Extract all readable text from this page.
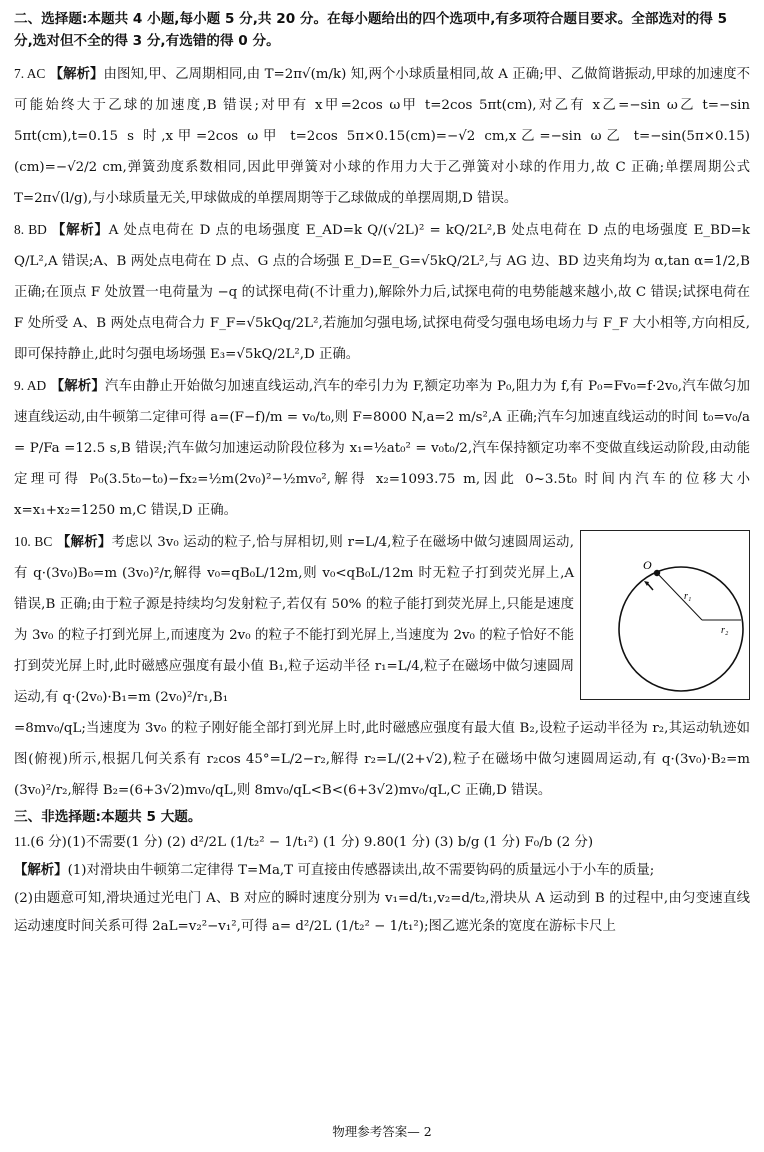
二、选择题:本题共 4 小题,每小题 5 分,共 20 分。在每小题给出的四个选项中,有多项符合题目要求。全部选对的得 5 分,选对但不全的得 3 分,有选错的得 0 分。

7. AC 【解析】由图知,甲、乙周期相同,由 T=2π√(m/k) 知,两个小球质量相同,故 A 正确;甲、乙做简谐振动,甲球的加速度不可能始终大于乙球的加速度,B 错误;对甲有 x甲=2cos ω甲 t=2cos 5πt(cm),对乙有 x乙=−sin ω乙 t=−sin 5πt(cm),t=0.15 s 时,x甲=2cos ω甲 t=2cos 5π×0.15(cm)=−√2 cm,x乙=−sin ω乙 t=−sin(5π×0.15)(cm)=−√2/2 cm,弹簧劲度系数相同,因此甲弹簧对小球的作用力大于乙弹簧对小球的作用力,故 C 正确;单摆周期公式 T=2π√(l/g),与小球质量无关,甲球做成的单摆周期等于乙球做成的单摆周期,D 错误。

8. BD 【解析】A 处点电荷在 D 点的电场强度 E_AD=k Q/(√2L)² = kQ/2L²,B 处点电荷在 D 点的电场强度 E_BD=k Q/L²,A 错误;A、B 两处点电荷在 D 点、G 点的合场强 E_D=E_G=√5kQ/2L²,与 AG 边、BD 边夹角均为 α,tan α=1/2,B 正确;在顶点 F 处放置一电荷量为 −q 的试探电荷(不计重力),解除外力后,试探电荷的电势能越来越小,故 C 错误;试探电荷在 F 处所受 A、B 两处点电荷合力 F_F=√5kQq/2L²,若施加匀强电场,试探电荷受匀强电场电场力与 F_F 大小相等,方向相反,即可保持静止,此时匀强电场场强 E₃=√5kQ/2L²,D 正确。

9. AD 【解析】汽车由静止开始做匀加速直线运动,汽车的牵引力为 F,额定功率为 P₀,阻力为 f,有 P₀=Fv₀=f·2v₀,汽车做匀加速直线运动,由牛顿第二定律可得 a=(F−f)/m = v₀/t₀,则 F=8000 N,a=2 m/s²,A 正确;汽车匀加速直线运动的时间 t₀=v₀/a = P/Fa =12.5 s,B 错误;汽车做匀加速运动阶段位移为 x₁=½at₀² = v₀t₀/2,汽车保持额定功率不变做直线运动阶段,由动能定理可得 P₀(3.5t₀−t₀)−fx₂=½m(2v₀)²−½mv₀²,解得 x₂=1093.75 m,因此 0~3.5t₀ 时间内汽车的位移大小 x=x₁+x₂=1250 m,C 错误,D 正确。

O
r₁
r₂

10. BC 【解析】考虑以 3v₀ 运动的粒子,恰与屏相切,则 r=L/4,粒子在磁场中做匀速圆周运动,有 q·(3v₀)B₀=m (3v₀)²/r,解得 v₀=qB₀L/12m,则 v₀<qB₀L/12m 时无粒子打到荧光屏上,A 错误,B 正确;由于粒子源是持续均匀发射粒子,若仅有 50% 的粒子能打到荧光屏上,只能是速度为 3v₀ 的粒子打到光屏上,而速度为 2v₀ 的粒子不能打到光屏上,当速度为 2v₀ 的粒子恰好不能打到荧光屏上时,此时磁感应强度有最小值 B₁,粒子运动半径 r₁=L/4,粒子在磁场中做匀速圆周运动,有 q·(2v₀)·B₁=m (2v₀)²/r₁,B₁

=8mv₀/qL;当速度为 3v₀ 的粒子刚好能全部打到光屏上时,此时磁感应强度有最大值 B₂,设粒子运动半径为 r₂,其运动轨迹如图(俯视)所示,根据几何关系有 r₂cos 45°=L/2−r₂,解得 r₂=L/(2+√2),粒子在磁场中做匀速圆周运动,有 q·(3v₀)·B₂=m (3v₀)²/r₂,解得 B₂=(6+3√2)mv₀/qL,则 8mv₀/qL<B<(6+3√2)mv₀/qL,C 正确,D 错误。

三、非选择题:本题共 5 大题。

11.(6 分)(1)不需要(1 分) (2) d²/2L (1/t₂² − 1/t₁²) (1 分) 9.80(1 分) (3) b/g (1 分) F₀/b (2 分)

【解析】(1)对滑块由牛顿第二定律得 T=Ma,T 可直接由传感器读出,故不需要钩码的质量远小于小车的质量;

(2)由题意可知,滑块通过光电门 A、B 对应的瞬时速度分别为 v₁=d/t₁,v₂=d/t₂,滑块从 A 运动到 B 的过程中,由匀变速直线运动速度时间关系可得 2aL=v₂²−v₁²,可得 a= d²/2L (1/t₂² − 1/t₁²);图乙遮光条的宽度在游标卡尺上

物理参考答案— 2
